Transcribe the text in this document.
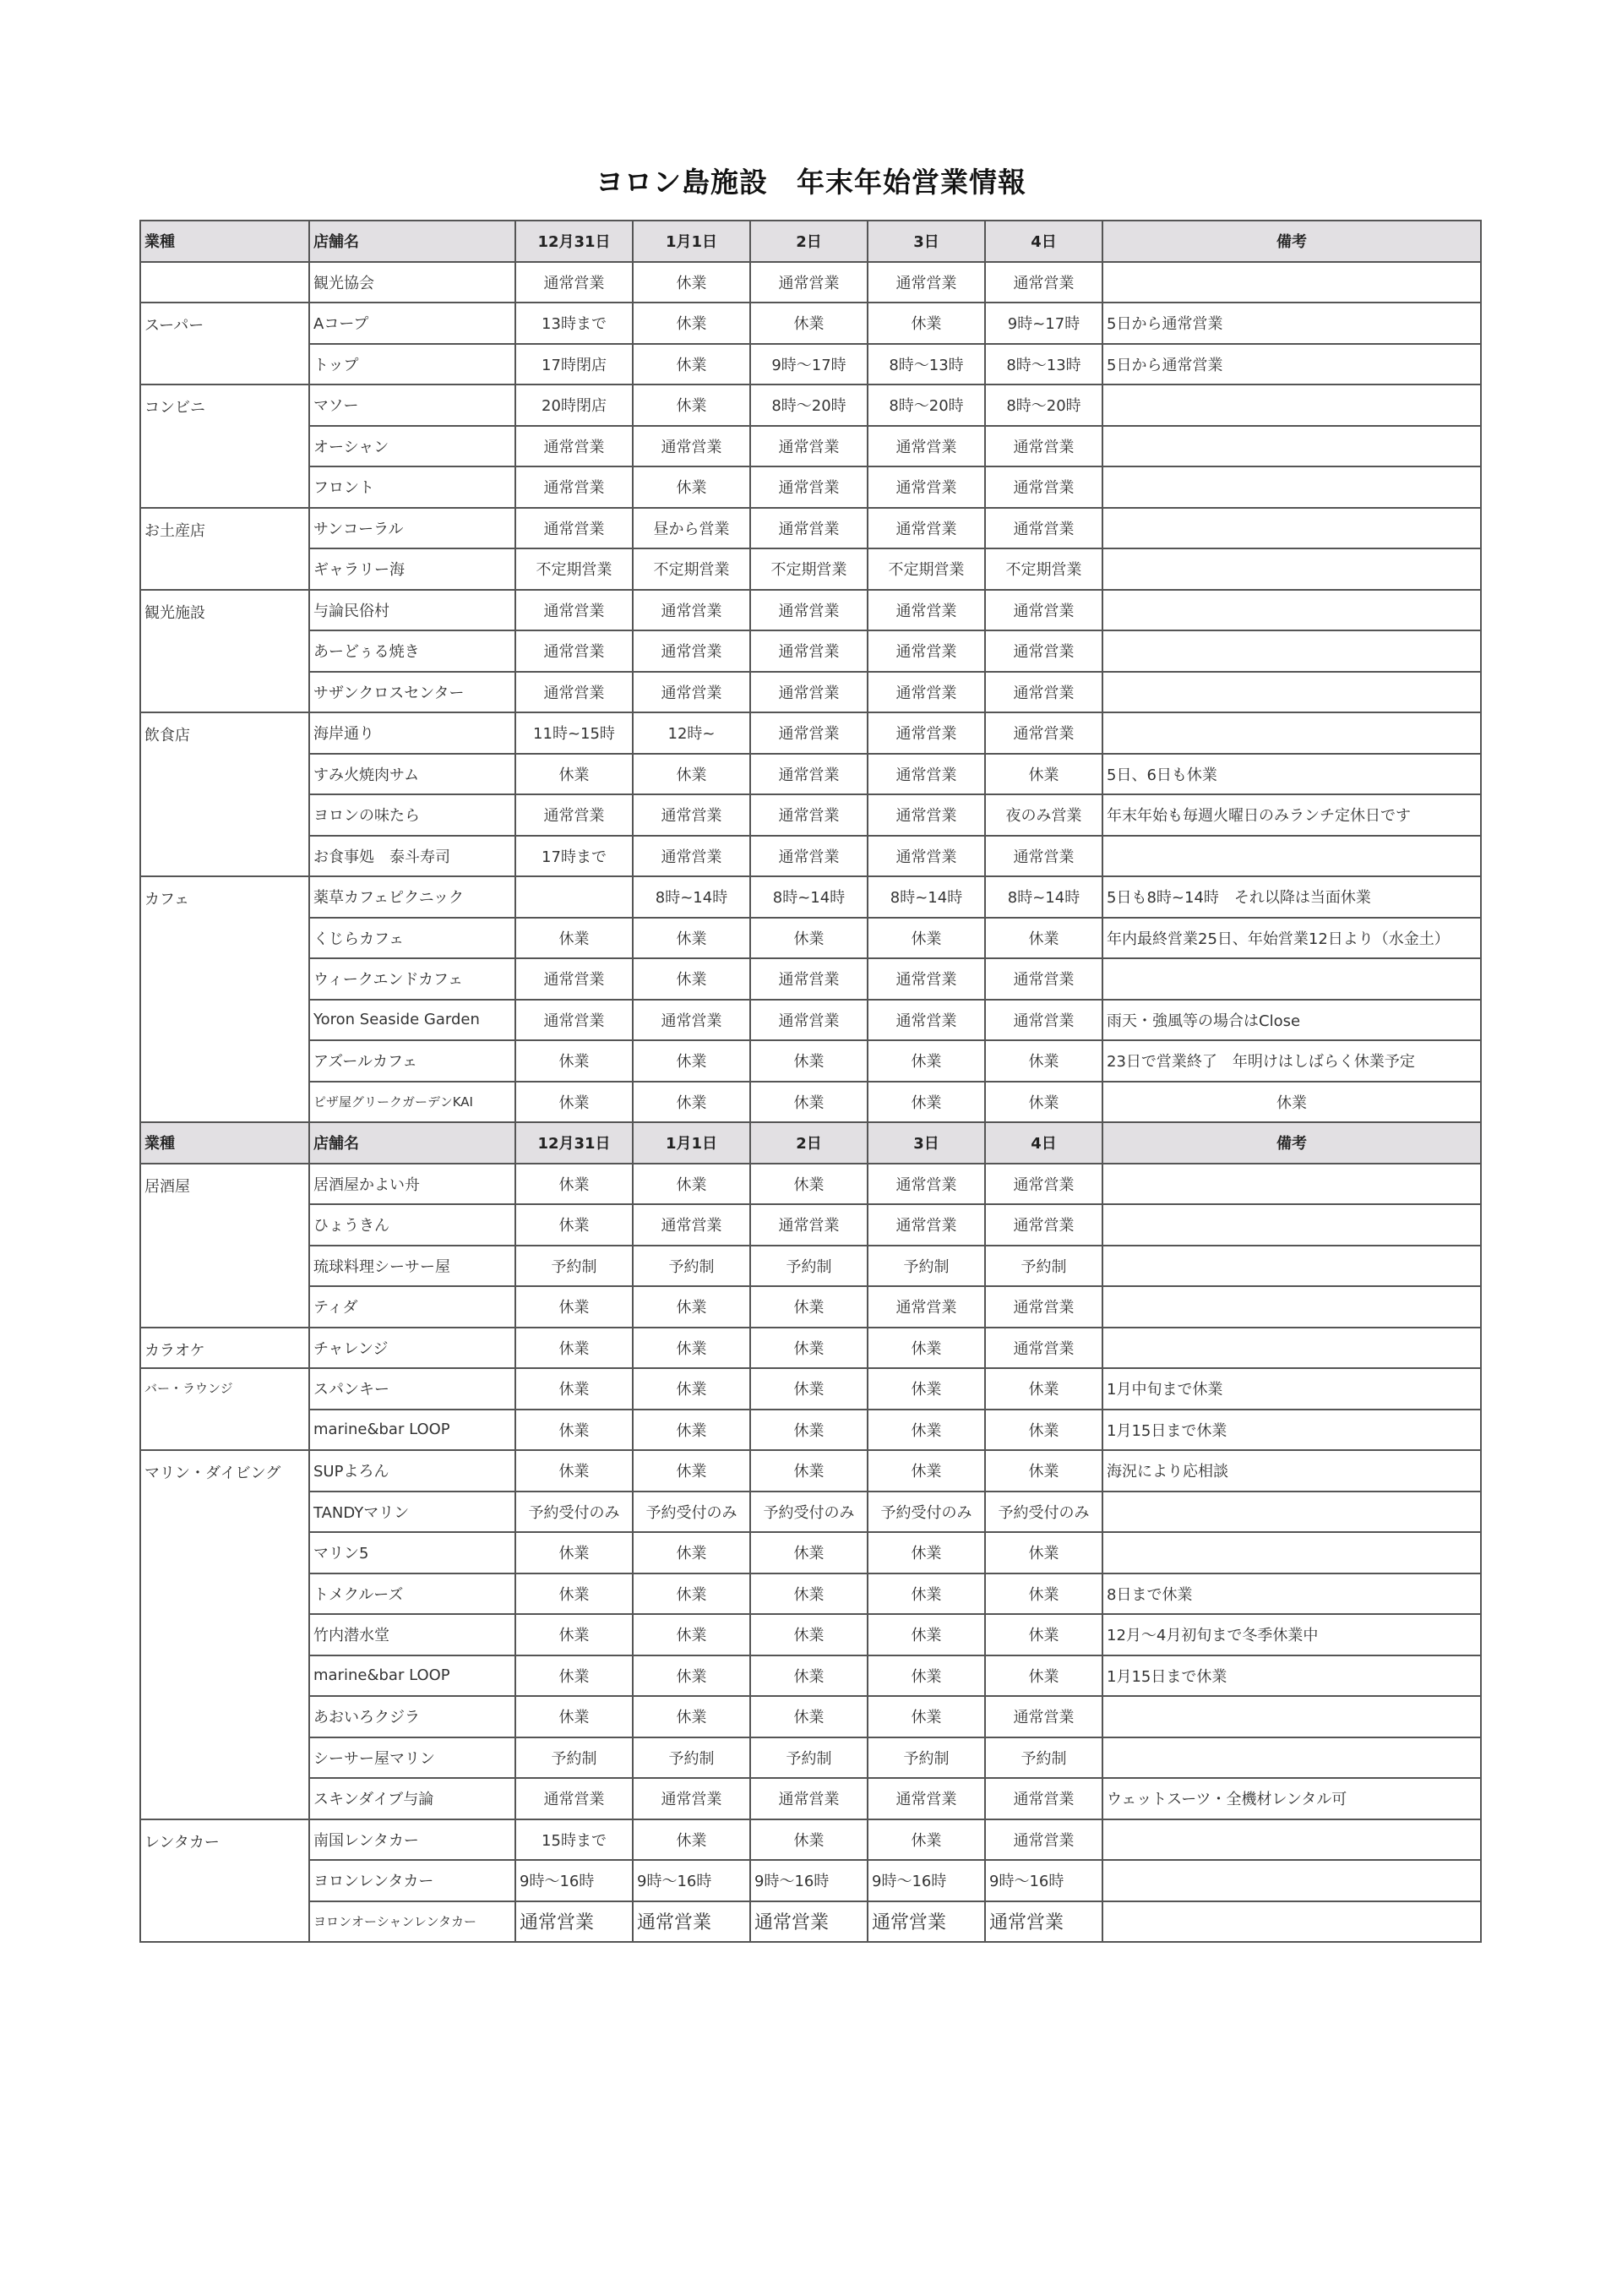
ヨロン島施設　年末年始営業情報
業種	店舗名	12月31日	1月1日	2日	3日	4日	備考
	観光協会	通常営業	休業	通常営業	通常営業	通常営業	
スーパー	Aコープ	13時まで	休業	休業	休業	9時~17時	5日から通常営業
	トップ	17時閉店	休業	9時～17時	8時～13時	8時～13時	5日から通常営業
コンビニ	マソー	20時閉店	休業	8時～20時	8時～20時	8時～20時	
	オーシャン	通常営業	通常営業	通常営業	通常営業	通常営業	
	フロント	通常営業	休業	通常営業	通常営業	通常営業	
お土産店	サンコーラル	通常営業	昼から営業	通常営業	通常営業	通常営業	
	ギャラリー海	不定期営業	不定期営業	不定期営業	不定期営業	不定期営業	
観光施設	与論民俗村	通常営業	通常営業	通常営業	通常営業	通常営業	
	あーどぅる焼き	通常営業	通常営業	通常営業	通常営業	通常営業	
	サザンクロスセンター	通常営業	通常営業	通常営業	通常営業	通常営業	
飲食店	海岸通り	11時~15時	12時~	通常営業	通常営業	通常営業	
	すみ火焼肉サム	休業	休業	通常営業	通常営業	休業	5日、6日も休業
	ヨロンの味たら	通常営業	通常営業	通常営業	通常営業	夜のみ営業	年末年始も毎週火曜日のみランチ定休日です
	お食事処　泰斗寿司	17時まで	通常営業	通常営業	通常営業	通常営業	
カフェ	薬草カフェピクニック		8時~14時	8時~14時	8時~14時	8時~14時	5日も8時~14時　それ以降は当面休業
	くじらカフェ	休業	休業	休業	休業	休業	年内最終営業25日、年始営業12日より（水金土）
	ウィークエンドカフェ	通常営業	休業	通常営業	通常営業	通常営業	
	Yoron Seaside Garden	通常営業	通常営業	通常営業	通常営業	通常営業	雨天・強風等の場合はClose
	アズールカフェ	休業	休業	休業	休業	休業	23日で営業終了　年明けはしばらく休業予定
	ピザ屋グリークガーデンKAI	休業	休業	休業	休業	休業	休業
業種	店舗名	12月31日	1月1日	2日	3日	4日	備考
居酒屋	居酒屋かよい舟	休業	休業	休業	通常営業	通常営業	
	ひょうきん	休業	通常営業	通常営業	通常営業	通常営業	
	琉球料理シーサー屋	予約制	予約制	予約制	予約制	予約制	
	ティダ	休業	休業	休業	通常営業	通常営業	
カラオケ	チャレンジ	休業	休業	休業	休業	通常営業	
バー・ラウンジ	スパンキー	休業	休業	休業	休業	休業	1月中旬まで休業
	marine&bar LOOP	休業	休業	休業	休業	休業	1月15日まで休業
マリン・ダイビング	SUPよろん	休業	休業	休業	休業	休業	海況により応相談
	TANDYマリン	予約受付のみ	予約受付のみ	予約受付のみ	予約受付のみ	予約受付のみ	
	マリン5	休業	休業	休業	休業	休業	
	トメクルーズ	休業	休業	休業	休業	休業	8日まで休業
	竹内潜水堂	休業	休業	休業	休業	休業	12月～4月初旬まで冬季休業中
	marine&bar LOOP	休業	休業	休業	休業	休業	1月15日まで休業
	あおいろクジラ	休業	休業	休業	休業	通常営業	
	シーサー屋マリン	予約制	予約制	予約制	予約制	予約制	
	スキンダイブ与論	通常営業	通常営業	通常営業	通常営業	通常営業	ウェットスーツ・全機材レンタル可
レンタカー	南国レンタカー	15時まで	休業	休業	休業	通常営業	
	ヨロンレンタカー	9時～16時	9時～16時	9時～16時	9時～16時	9時～16時	
	ヨロンオーシャンレンタカー	通常営業	通常営業	通常営業	通常営業	通常営業	
